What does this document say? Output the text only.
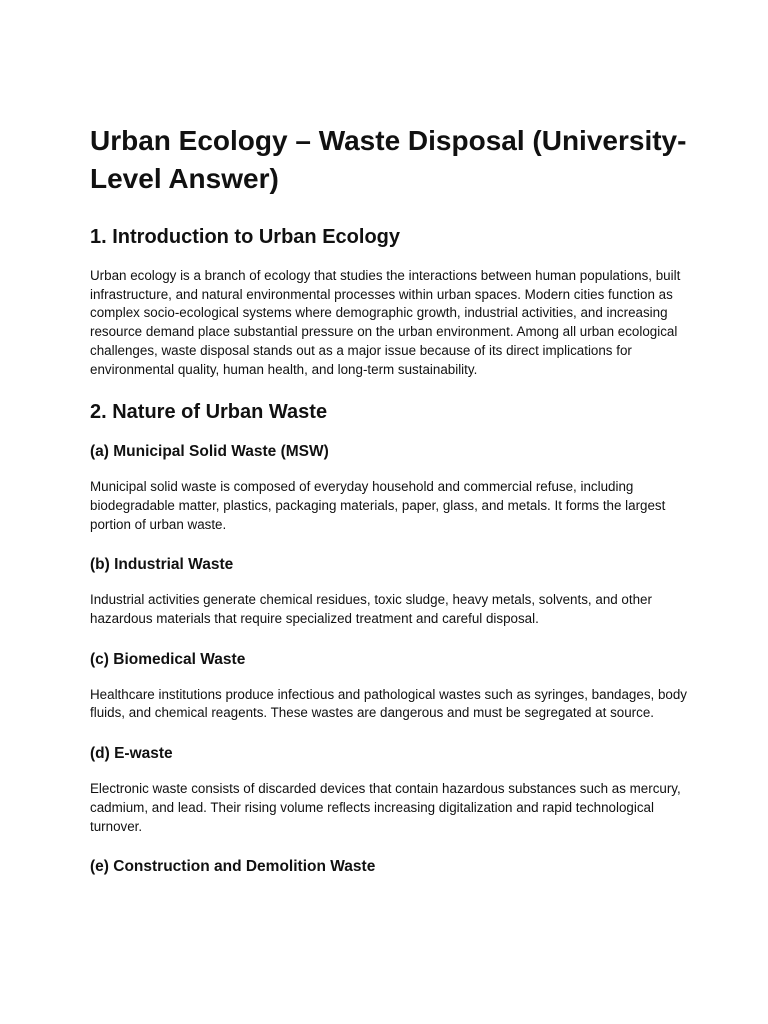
Urban Ecology – Waste Disposal (University-Level Answer)
1. Introduction to Urban Ecology

Urban ecology is a branch of ecology that studies the interactions between human populations, built infrastructure, and natural environmental processes within urban spaces. Modern cities function as complex socio-ecological systems where demographic growth, industrial activities, and increasing resource demand place substantial pressure on the urban environment. Among all urban ecological challenges, waste disposal stands out as a major issue because of its direct implications for environmental quality, human health, and long-term sustainability.

2. Nature of Urban Waste
(a) Municipal Solid Waste (MSW)

Municipal solid waste is composed of everyday household and commercial refuse, including biodegradable matter, plastics, packaging materials, paper, glass, and metals. It forms the largest portion of urban waste.

(b) Industrial Waste

Industrial activities generate chemical residues, toxic sludge, heavy metals, solvents, and other hazardous materials that require specialized treatment and careful disposal.

(c) Biomedical Waste

Healthcare institutions produce infectious and pathological wastes such as syringes, bandages, body fluids, and chemical reagents. These wastes are dangerous and must be segregated at source.

(d) E-waste

Electronic waste consists of discarded devices that contain hazardous substances such as mercury, cadmium, and lead. Their rising volume reflects increasing digitalization and rapid technological turnover.

(e) Construction and Demolition Waste
